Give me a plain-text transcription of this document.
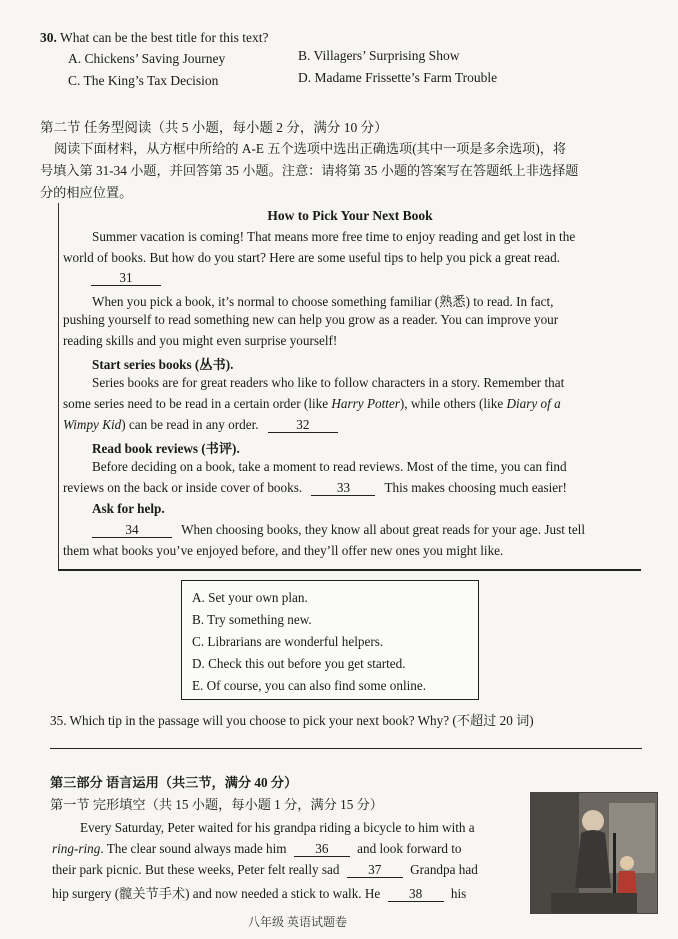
30. What can be the best title for this text?
A. Chickens’ Saving Journey	B. Villagers’ Surprising Show
C. The King’s Tax Decision	D. Madame Frissette’s Farm Trouble
第二节 任务型阅读（共 5 小题，每小题 2 分，满分 10 分）
阅读下面材料，从方框中所给的 A-E 五个选项中选出正确选项(其中一项是多余选项)，将
号填入第 31-34 小题，并回答第 35 小题。注意：请将第 35 小题的答案写在答题纸上非选择题
分的相应位置。
How to Pick Your Next Book
Summer vacation is coming! That means more free time to enjoy reading and get lost in the
world of books. But how do you start? Here are some useful tips to help you pick a great read.
31
When you pick a book, it’s normal to choose something familiar (熟悉) to read. In fact,
pushing yourself to read something new can help you grow as a reader. You can improve your
reading skills and you might even surprise yourself!
Start series books (丛书).
Series books are for great readers who like to follow characters in a story. Remember that
some series need to be read in a certain order (like Harry Potter), while others (like Diary of a
Wimpy Kid) can be read in any order.	32
Read book reviews (书评).
Before deciding on a book, take a moment to read reviews. Most of the time, you can find
reviews on the back or inside cover of books.	33	This makes choosing much easier!
Ask for help.
34	When choosing books, they know all about great reads for your age. Just tell
them what books you’ve enjoyed before, and they’ll offer new ones you might like.
A. Set your own plan.
B. Try something new.
C. Librarians are wonderful helpers.
D. Check this out before you get started.
E. Of course, you can also find some online.
35. Which tip in the passage will you choose to pick your next book? Why? (不超过 20 词)
第三部分 语言运用（共三节，满分 40 分）
第一节 完形填空（共 15 小题，每小题 1 分，满分 15 分）
Every Saturday, Peter waited for his grandpa riding a bicycle to him with a
ring-ring. The clear sound always made him 36 and look forward to
their park picnic. But these weeks, Peter felt really sad 37 Grandpa had
hip surgery (髋关节手术) and now needed a stick to walk. He 38 his
八年级 英语试题卷
